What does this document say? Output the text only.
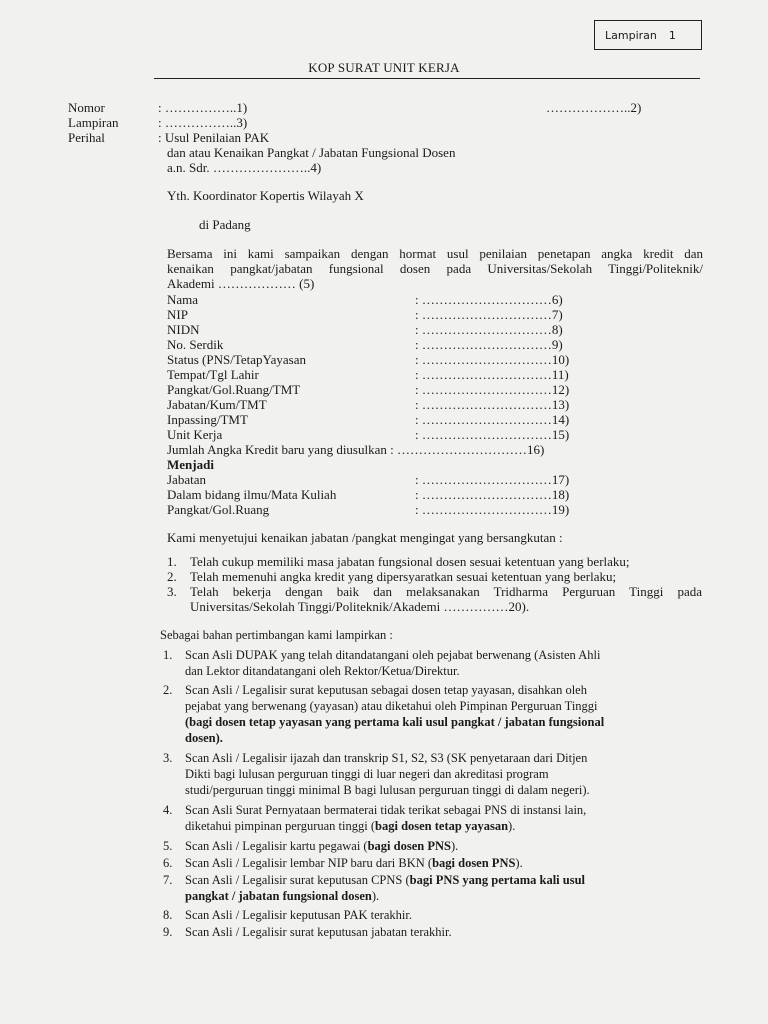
Lampiran 1
KOP SURAT UNIT KERJA
Nomor	: ……………..1)	………………..2)
Lampiran	: ……………..3)
Perihal	: Usul Penilaian PAK
dan atau Kenaikan Pangkat / Jabatan Fungsional Dosen
a.n. Sdr. …………………..4)
Yth. Koordinator Kopertis Wilayah X
di Padang
Bersama ini kami sampaikan dengan hormat usul penilaian penetapan angka kredit dan
kenaikan pangkat/jabatan fungsional dosen pada Universitas/Sekolah Tinggi/Politeknik/
Akademi ……………… (5)
Nama	: …………………………6)
NIP	: …………………………7)
NIDN	: …………………………8)
No. Serdik	: …………………………9)
Status (PNS/TetapYayasan	: …………………………10)
Tempat/Tgl Lahir	: …………………………11)
Pangkat/Gol.Ruang/TMT	: …………………………12)
Jabatan/Kum/TMT	: …………………………13)
Inpassing/TMT	: …………………………14)
Unit Kerja	: …………………………15)
Jumlah Angka Kredit baru yang diusulkan : …………………………16)
Menjadi
Jabatan	: …………………………17)
Dalam bidang ilmu/Mata Kuliah	: …………………………18)
Pangkat/Gol.Ruang	: …………………………19)
Kami menyetujui kenaikan jabatan /pangkat mengingat yang bersangkutan :
1. Telah cukup memiliki masa jabatan fungsional dosen sesuai ketentuan yang berlaku;
2. Telah memenuhi angka kredit yang dipersyaratkan sesuai ketentuan yang berlaku;
3. Telah bekerja dengan baik dan melaksanakan Tridharma Perguruan Tinggi pada
Universitas/Sekolah Tinggi/Politeknik/Akademi ……………20).
Sebagai bahan pertimbangan kami lampirkan :
1. Scan Asli DUPAK yang telah ditandatangani oleh pejabat berwenang (Asisten Ahli
dan Lektor ditandatangani oleh Rektor/Ketua/Direktur.
2. Scan Asli / Legalisir surat keputusan sebagai dosen tetap yayasan, disahkan oleh
pejabat yang berwenang (yayasan) atau diketahui oleh Pimpinan Perguruan Tinggi
(bagi dosen tetap yayasan yang pertama kali usul pangkat / jabatan fungsional
dosen).
3. Scan Asli / Legalisir ijazah dan transkrip S1, S2, S3 (SK penyetaraan dari Ditjen
Dikti bagi lulusan perguruan tinggi di luar negeri dan akreditasi program
studi/perguruan tinggi minimal B bagi lulusan perguruan tinggi di dalam negeri).
4. Scan Asli Surat Pernyataan bermaterai tidak terikat sebagai PNS di instansi lain,
diketahui pimpinan perguruan tinggi (bagi dosen tetap yayasan).
5. Scan Asli / Legalisir kartu pegawai (bagi dosen PNS).
6. Scan Asli / Legalisir lembar NIP baru dari BKN (bagi dosen PNS).
7. Scan Asli / Legalisir surat keputusan CPNS (bagi PNS yang pertama kali usul
pangkat / jabatan fungsional dosen).
8. Scan Asli / Legalisir keputusan PAK terakhir.
9. Scan Asli / Legalisir surat keputusan jabatan terakhir.
